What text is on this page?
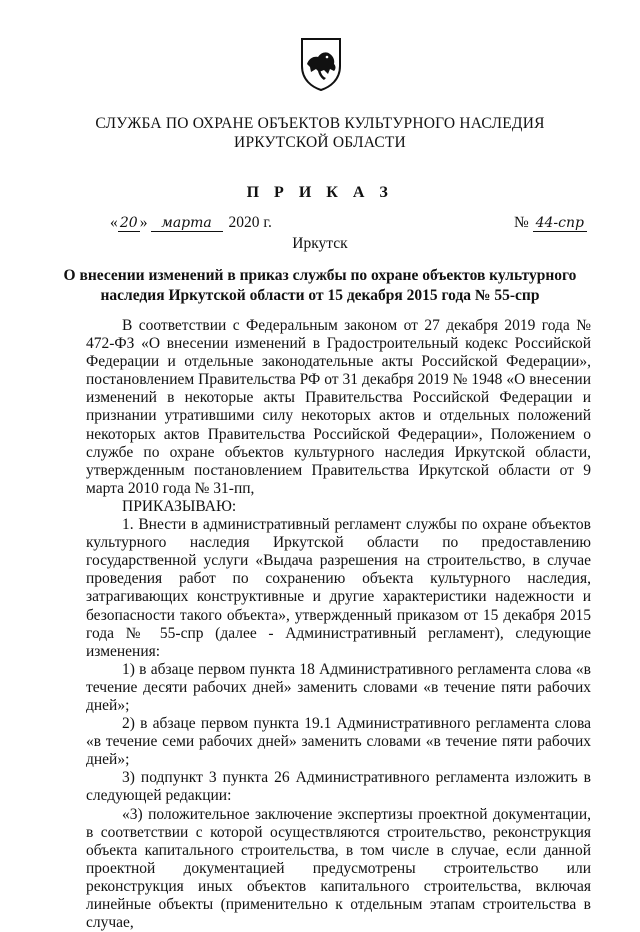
СЛУЖБА ПО ОХРАНЕ ОБЪЕКТОВ КУЛЬТУРНОГО НАСЛЕДИЯ
ИРКУТСКОЙ ОБЛАСТИ
П Р И К А З
« 20 » марта 2020 г.	№ 44-спр
Иркутск
О внесении изменений в приказ службы по охране объектов культурного
наследия Иркутской области от 15 декабря 2015 года № 55-спр

В соответствии с Федеральным законом от 27 декабря 2019 года № 472-ФЗ «О внесении изменений в Градостроительный кодекс Российской Федерации и отдельные законодательные акты Российской Федерации», постановлением Правительства РФ от 31 декабря 2019 № 1948 «О внесении изменений в некоторые акты Правительства Российской Федерации и признании утратившими силу некоторых актов и отдельных положений некоторых актов Правительства Российской Федерации», Положением о службе по охране объектов культурного наследия Иркутской области, утвержденным постановлением Правительства Иркутской области от 9 марта 2010 года № 31-пп,

ПРИКАЗЫВАЮ:

1. Внести в административный регламент службы по охране объектов культурного наследия Иркутской области по предоставлению государственной услуги «Выдача разрешения на строительство, в случае проведения работ по сохранению объекта культурного наследия, затрагивающих конструктивные и другие характеристики надежности и безопасности такого объекта», утвержденный приказом от 15 декабря 2015 года № 55-спр (далее - Административный регламент), следующие изменения:

1) в абзаце первом пункта 18 Административного регламента слова «в течение десяти рабочих дней» заменить словами «в течение пяти рабочих дней»;

2) в абзаце первом пункта 19.1 Административного регламента слова «в течение семи рабочих дней» заменить словами «в течение пяти рабочих дней»;

3) подпункт 3 пункта 26 Административного регламента изложить в следующей редакции:

«3) положительное заключение экспертизы проектной документации, в соответствии с которой осуществляются строительство, реконструкция объекта капитального строительства, в том числе в случае, если данной проектной документацией предусмотрены строительство или реконструкция иных объектов капитального строительства, включая линейные объекты (применительно к отдельным этапам строительства в случае,
